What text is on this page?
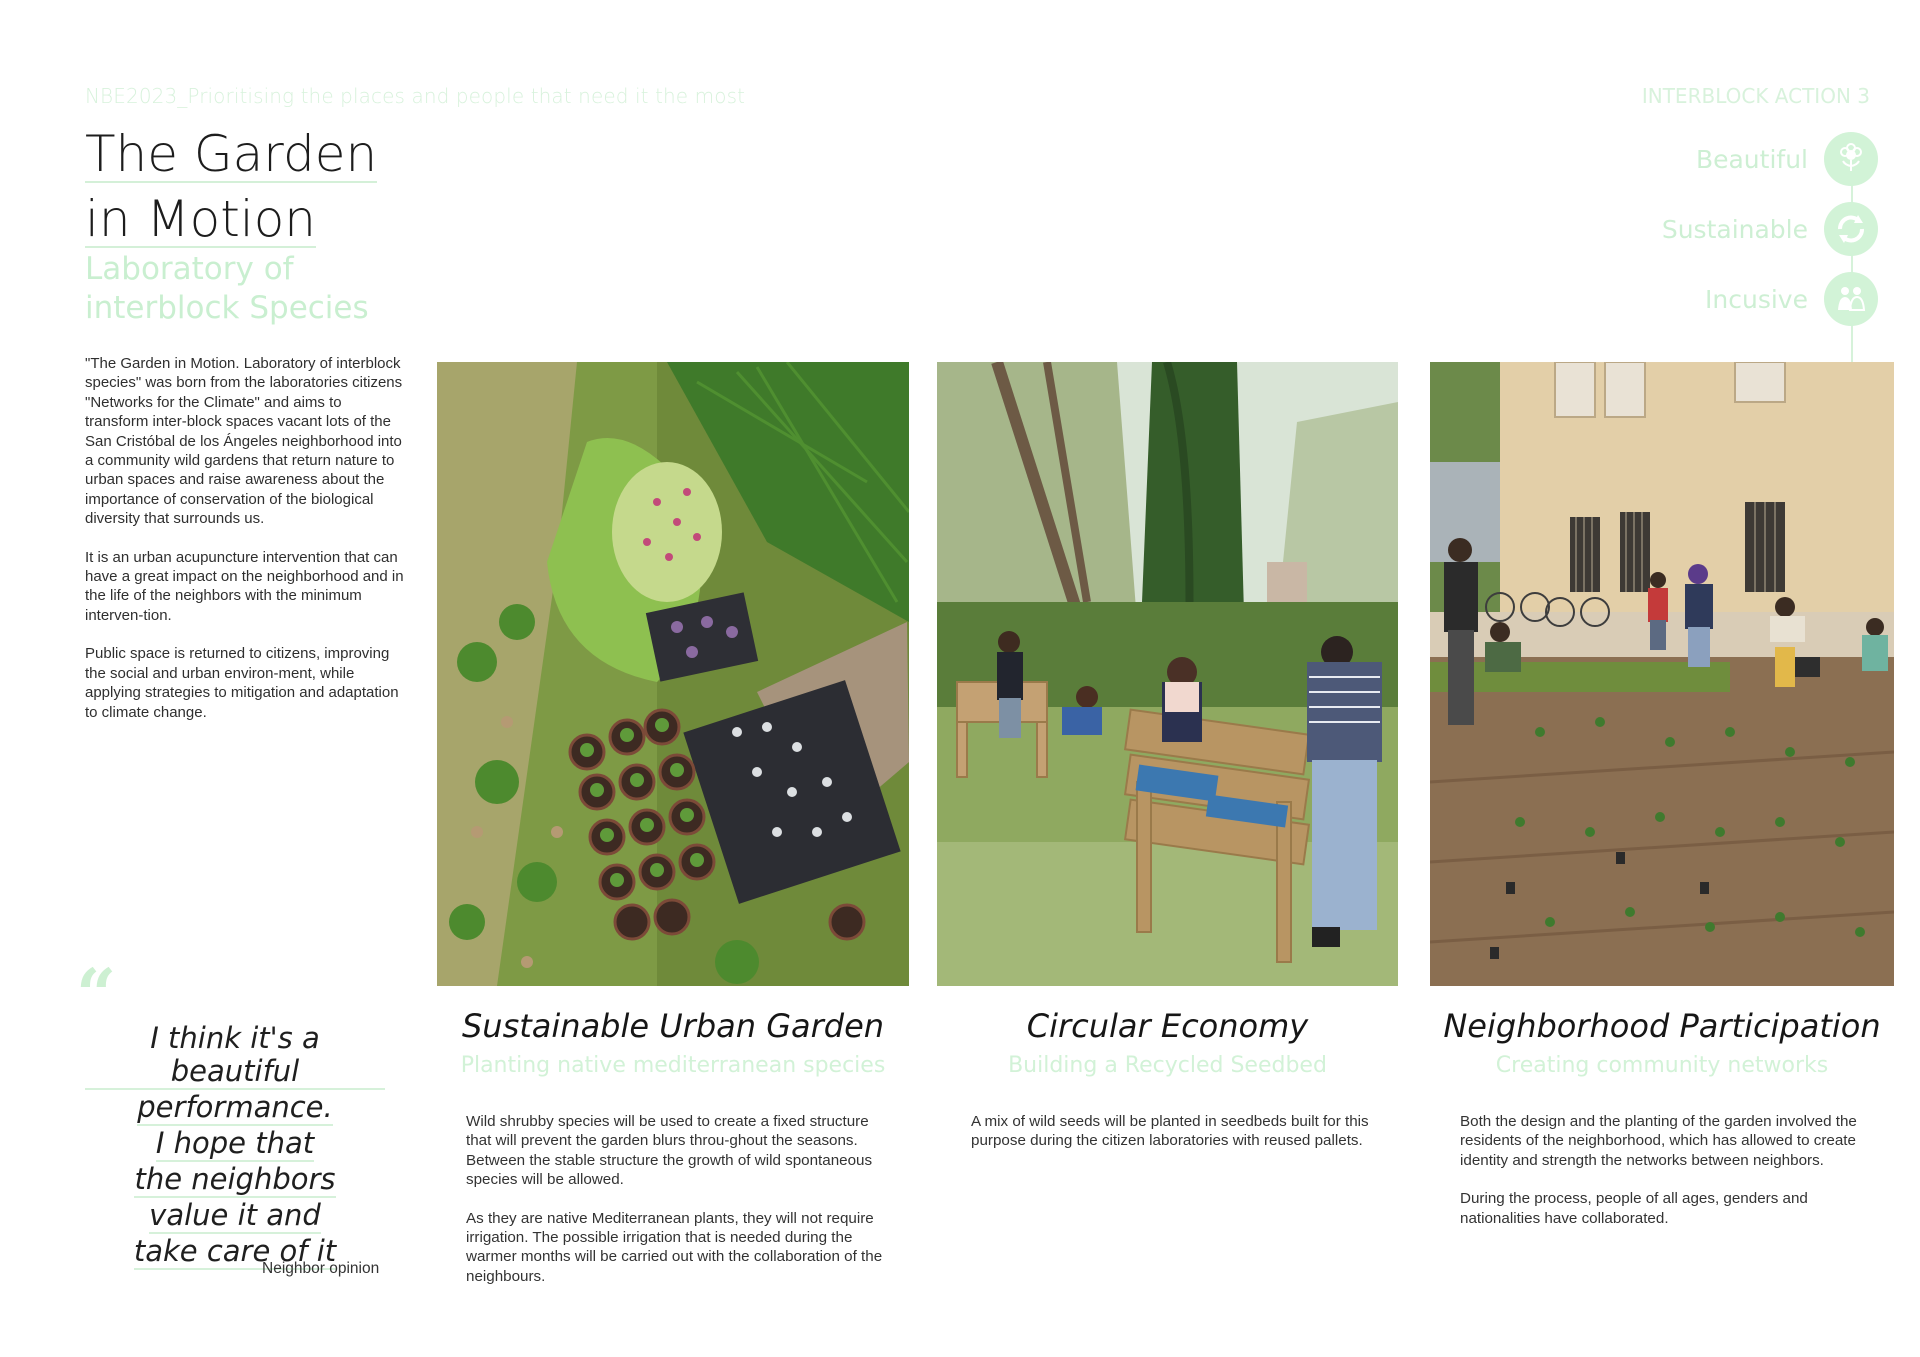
NBE2023_Prioritising the places and people that need it the most	INTERBLOCK ACTION 3
The Garden
in Motion
Laboratory of
interblock Species

"The Garden in Motion. Laboratory of interblock species" was born from the laboratories citizens "Networks for the Climate" and aims to transform inter-block spaces vacant lots of the San Cristóbal de los Ángeles neighborhood into a community wild gardens that return nature to urban spaces and raise awareness about the importance of conservation of the biological diversity that surrounds us.

It is an urban acupuncture intervention that can have a great impact on the neighborhood and in the life of the neighbors with the minimum interven-tion.

Public space is returned to citizens, improving the social and urban environ-ment, while applying strategies to mitigation and adaptation to climate change.

Beautiful
Sustainable
Incusive
Sustainable Urban Garden
Planting native mediterranean species

Wild shrubby species will be used to create a fixed structure that will prevent the garden blurs throu-ghout the seasons. Between the stable structure the growth of wild spontaneous species will be allowed.

As they are native Mediterranean plants, they will not require irrigation. The possible irrigation that is needed during the warmer months will be carried out with the collaboration of the neighbours.

Circular Economy
Building a Recycled Seedbed

A mix of wild seeds will be planted in seedbeds built for this purpose during the citizen laboratories with reused pallets.

Neighborhood Participation
Creating community networks

Both the design and the planting of the garden involved the residents of the neighborhood, which has allowed to create identity and strength the networks between neighbors.

During the process, people of all ages, genders and nationalities have collaborated.

“
I think it's a beautiful
performance.
I hope that
the neighbors
value it and
take care of it
Neighbor opinion
